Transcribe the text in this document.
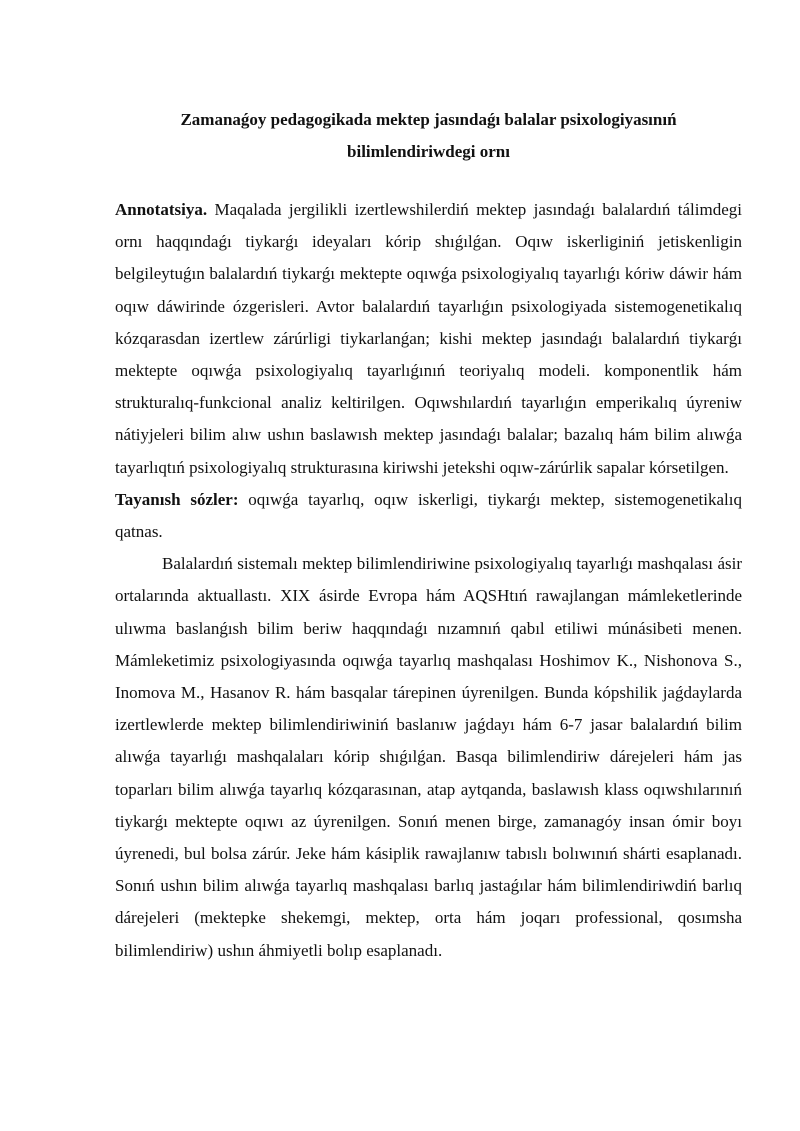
Zamanaǵoy pedagogikada mektep jasındaǵı balalar psixologiyasınıń
bilimlendiriwdegi ornı

Annotatsiya. Maqalada jergilikli izertlewshilerdiń mektep jasındaǵı balalardıń tálimdegi ornı haqqındaǵı tiykarǵı ideyaları kórip shıǵılǵan. Oqıw iskerliginiń jetiskenligin belgileytuǵın balalardıń tiykarǵı mektepte oqıwǵa psixologiyalıq tayarlıǵı kóriw dáwir hám oqıw dáwirinde ózgerisleri. Avtor balalardıń tayarlıǵın psixologiyada sistemogenetikalıq kózqarasdan izertlew zárúrligi tiykarlanǵan; kishi mektep jasındaǵı balalardıń tiykarǵı mektepte oqıwǵa psixologiyalıq tayarlıǵınıń teoriyalıq modeli. komponentlik hám strukturalıq-funkcional analiz keltirilgen. Oqıwshılardıń tayarlıǵın emperikalıq úyreniw nátiyjeleri bilim alıw ushın baslawısh mektep jasındaǵı balalar; bazalıq hám bilim alıwǵa tayarlıqtıń psixologiyalıq strukturasına kiriwshi jetekshi oqıw-zárúrlik sapalar kórsetilgen.

Tayanısh sózler: oqıwǵa tayarlıq, oqıw iskerligi, tiykarǵı mektep, sistemogenetikalıq qatnas.

Balalardıń sistemalı mektep bilimlendiriwine psixologiyalıq tayarlıǵı mashqalası ásir ortalarında aktuallastı. XIX ásirde Evropa hám AQSHtıń rawajlangan mámleketlerinde ulıwma baslanǵısh bilim beriw haqqındaǵı nızamnıń qabıl etiliwi múnásibeti menen. Mámleketimiz psixologiyasında oqıwǵa tayarlıq mashqalası Hoshimov K., Nishonova S., Inomova M., Hasanov R. hám basqalar tárepinen úyrenilgen. Bunda kópshilik jaǵdaylarda izertlewlerde mektep bilimlendiriwiniń baslanıw jaǵdayı hám 6-7 jasar balalardıń bilim alıwǵa tayarlıǵı mashqalaları kórip shıǵılǵan. Basqa bilimlendiriw dárejeleri hám jas toparları bilim alıwǵa tayarlıq kózqarasınan, atap aytqanda, baslawısh klass oqıwshılarınıń tiykarǵı mektepte oqıwı az úyrenilgen. Sonıń menen birge, zamanagóy insan ómir boyı úyrenedi, bul bolsa zárúr. Jeke hám kásiplik rawajlanıw tabıslı bolıwınıń shárti esaplanadı. Sonıń ushın bilim alıwǵa tayarlıq mashqalası barlıq jastaǵılar hám bilimlendiriwdiń barlıq dárejeleri (mektepke shekemgi, mektep, orta hám joqarı professional, qosımsha bilimlendiriw) ushın áhmiyetli bolıp esaplanadı.
